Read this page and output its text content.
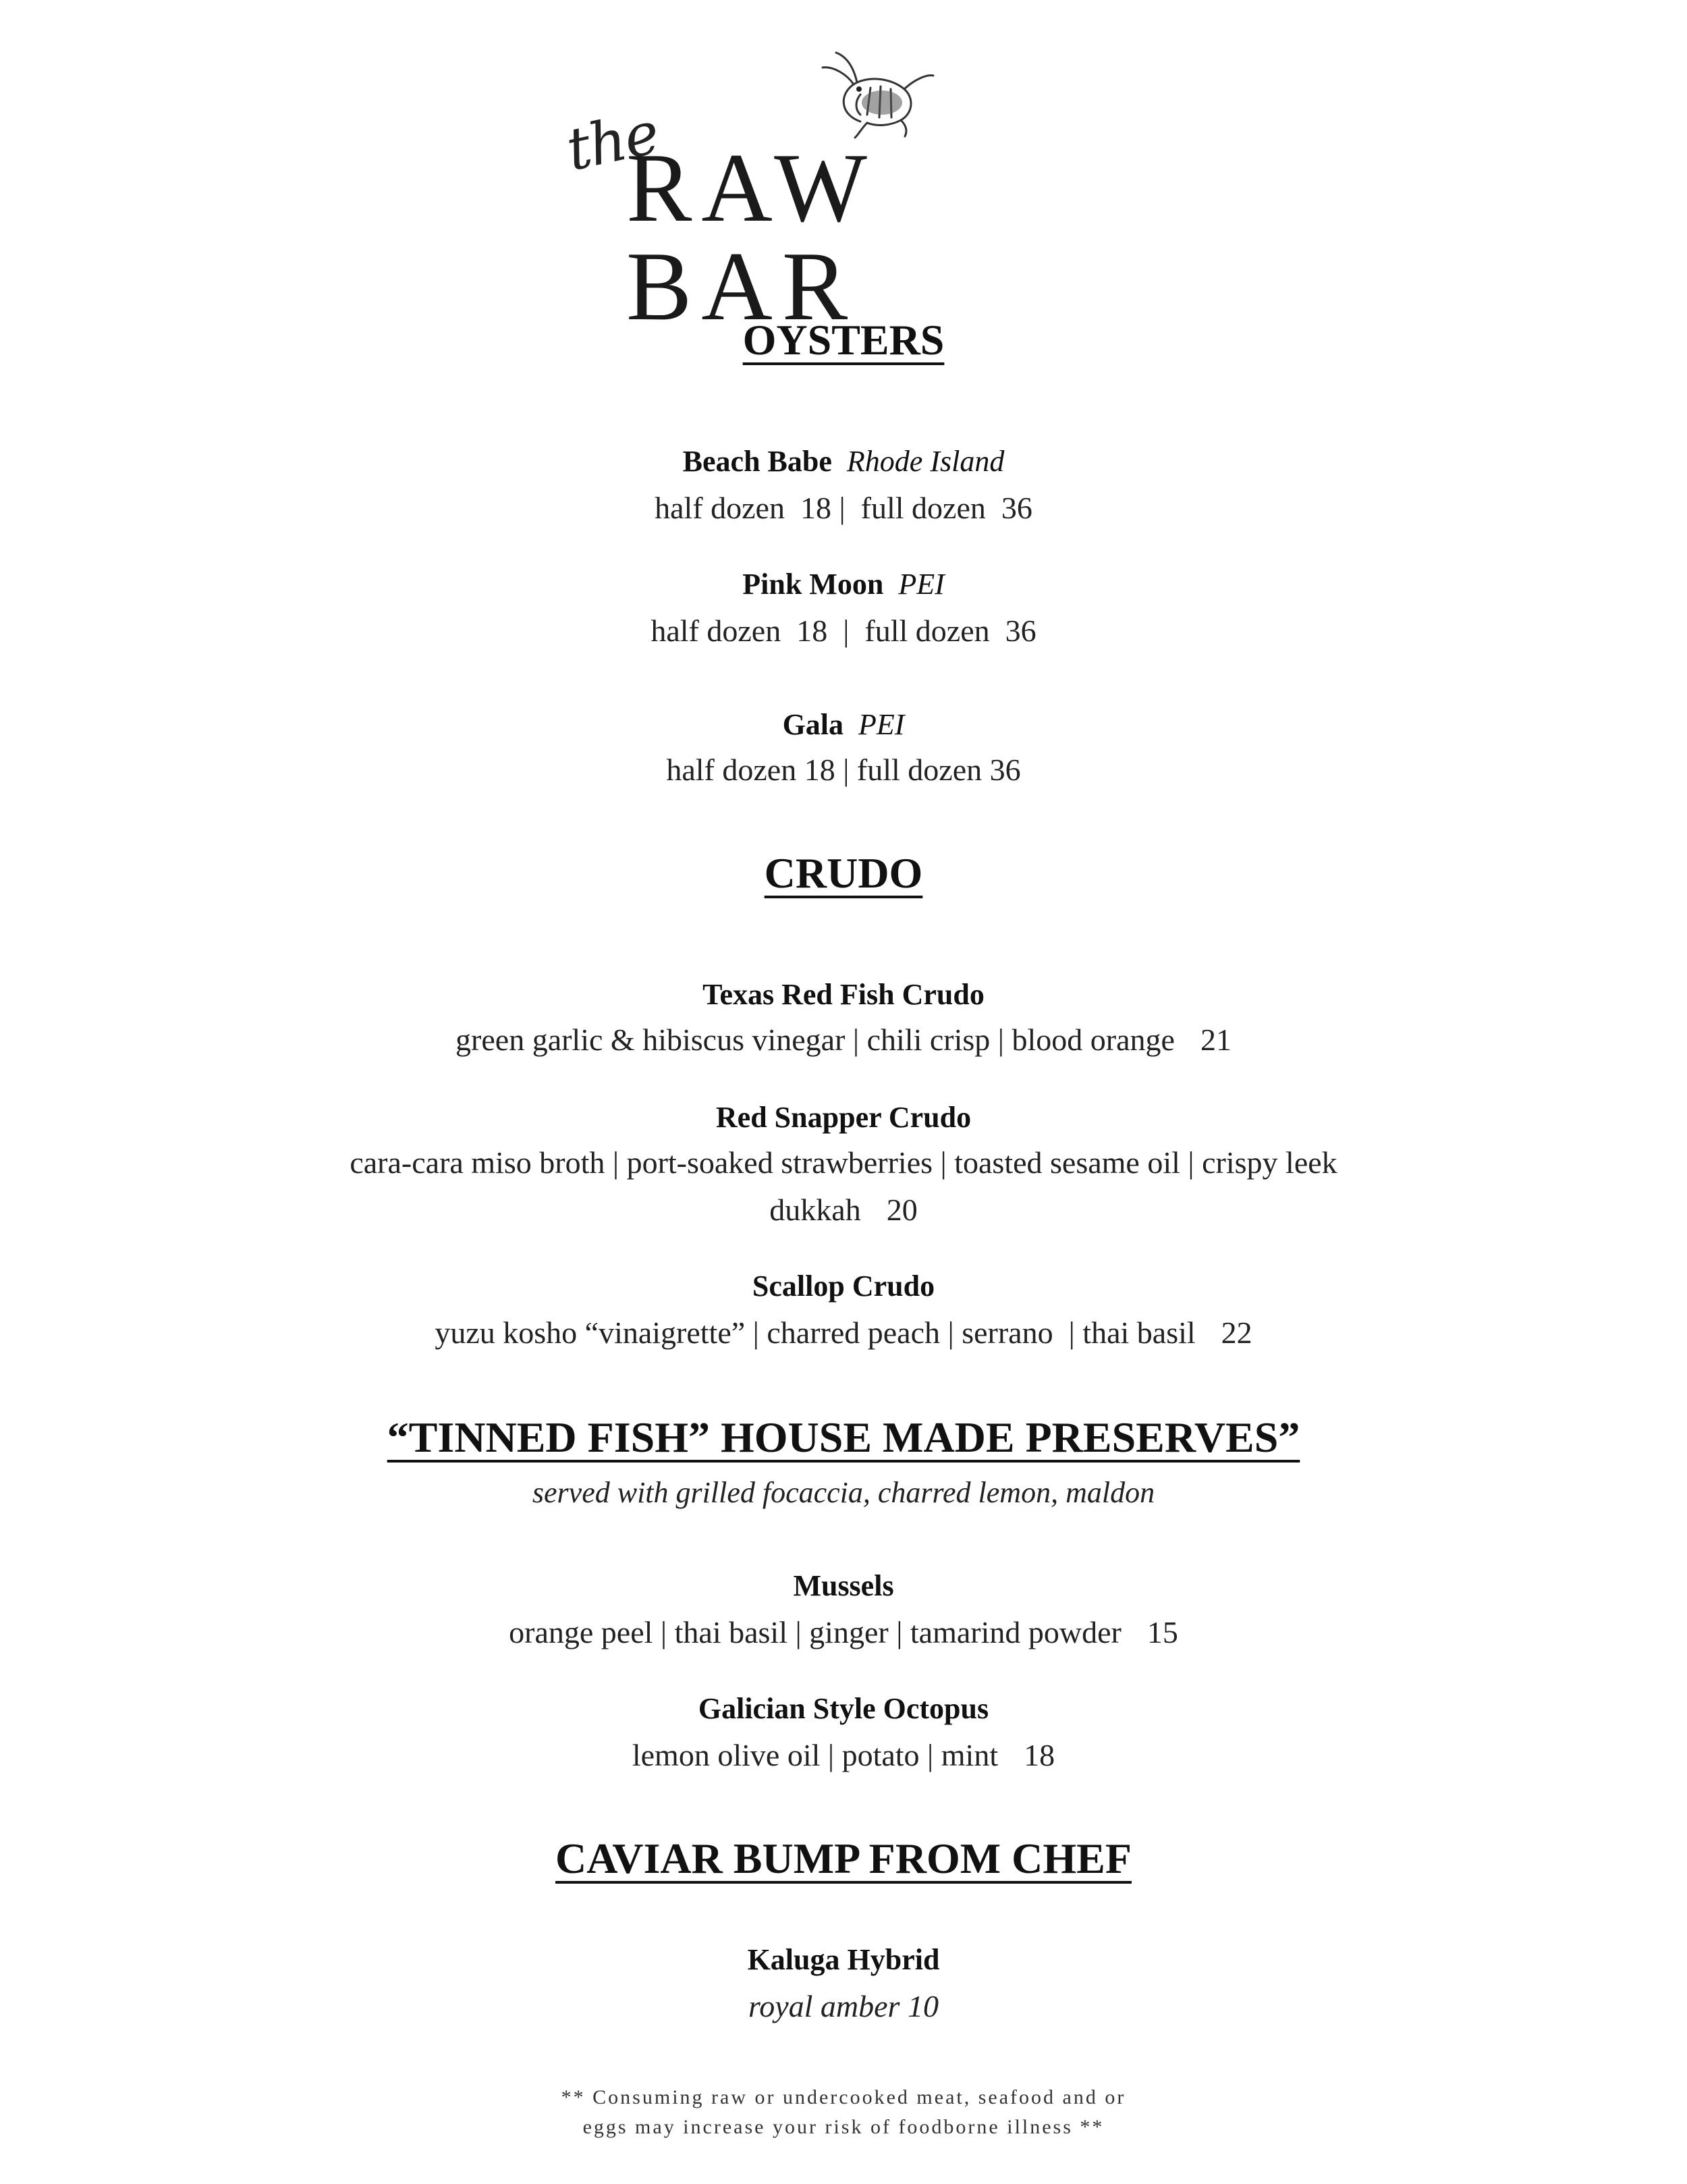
the
RAW BAR
OYSTERS
Beach Babe Rhode Island
half dozen  18 |  full dozen  36
Pink Moon PEI
half dozen  18  |  full dozen  36
Gala PEI
half dozen 18 | full dozen 36
CRUDO
Texas Red Fish Crudo
green garlic & hibiscus vinegar | chili crisp | blood orange 21
Red Snapper Crudo
cara-cara miso broth | port-soaked strawberries | toasted sesame oil | crispy leek
dukkah 20
Scallop Crudo
yuzu kosho “vinaigrette” | charred peach | serrano  | thai basil 22
“TINNED FISH” HOUSE MADE PRESERVES”
served with grilled focaccia, charred lemon, maldon
Mussels
orange peel | thai basil | ginger | tamarind powder 15
Galician Style Octopus
lemon olive oil | potato | mint 18
CAVIAR BUMP FROM CHEF
Kaluga Hybrid
royal amber 10
** Consuming raw or undercooked meat, seafood and or
eggs may increase your risk of foodborne illness **
